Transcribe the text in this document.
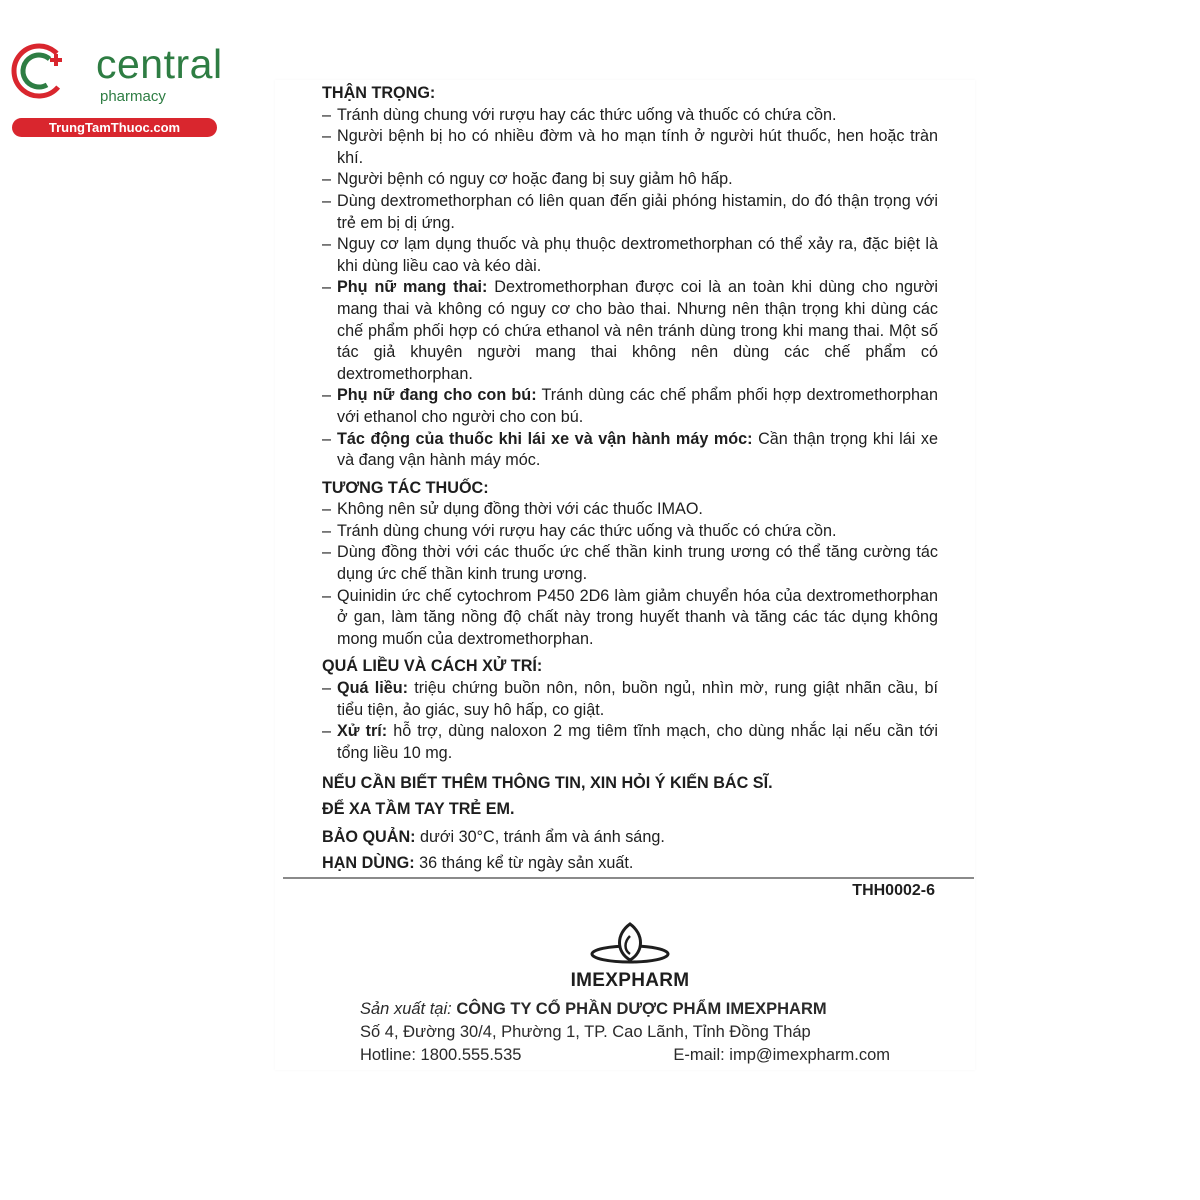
central
pharmacy
TrungTamThuoc.com

THẬN TRỌNG:

– Tránh dùng chung với rượu hay các thức uống và thuốc có chứa cồn.
– Người bệnh bị ho có nhiều đờm và ho mạn tính ở người hút thuốc, hen hoặc tràn khí.
– Người bệnh có nguy cơ hoặc đang bị suy giảm hô hấp.
– Dùng dextromethorphan có liên quan đến giải phóng histamin, do đó thận trọng với trẻ em bị dị ứng.
– Nguy cơ lạm dụng thuốc và phụ thuộc dextromethorphan có thể xảy ra, đặc biệt là khi dùng liều cao và kéo dài.
– Phụ nữ mang thai: Dextromethorphan được coi là an toàn khi dùng cho người mang thai và không có nguy cơ cho bào thai. Nhưng nên thận trọng khi dùng các chế phẩm phối hợp có chứa ethanol và nên tránh dùng trong khi mang thai. Một số tác giả khuyên người mang thai không nên dùng các chế phẩm có dextromethorphan.
– Phụ nữ đang cho con bú: Tránh dùng các chế phẩm phối hợp dextromethorphan với ethanol cho người cho con bú.
– Tác động của thuốc khi lái xe và vận hành máy móc: Cần thận trọng khi lái xe và đang vận hành máy móc.

TƯƠNG TÁC THUỐC:

– Không nên sử dụng đồng thời với các thuốc IMAO.
– Tránh dùng chung với rượu hay các thức uống và thuốc có chứa cồn.
– Dùng đồng thời với các thuốc ức chế thần kinh trung ương có thể tăng cường tác dụng ức chế thần kinh trung ương.
– Quinidin ức chế cytochrom P450 2D6 làm giảm chuyển hóa của dextromethorphan ở gan, làm tăng nồng độ chất này trong huyết thanh và tăng các tác dụng không mong muốn của dextromethorphan.

QUÁ LIỀU VÀ CÁCH XỬ TRÍ:

– Quá liều: triệu chứng buồn nôn, nôn, buồn ngủ, nhìn mờ, rung giật nhãn cầu, bí tiểu tiện, ảo giác, suy hô hấp, co giật.
– Xử trí: hỗ trợ, dùng naloxon 2 mg tiêm tĩnh mạch, cho dùng nhắc lại nếu cần tới tổng liều 10 mg.
NẾU CẦN BIẾT THÊM THÔNG TIN, XIN HỎI Ý KIẾN BÁC SĨ.
ĐỂ XA TẦM TAY TRẺ EM.
BẢO QUẢN: dưới 30°C, tránh ẩm và ánh sáng.
HẠN DÙNG: 36 tháng kể từ ngày sản xuất.
THH0002-6
IMEXPHARM
Sản xuất tại: CÔNG TY CỔ PHẦN DƯỢC PHẨM IMEXPHARM
Số 4, Đường 30/4, Phường 1, TP. Cao Lãnh, Tỉnh Đồng Tháp
Hotline: 1800.555.535	E-mail: imp@imexpharm.com
